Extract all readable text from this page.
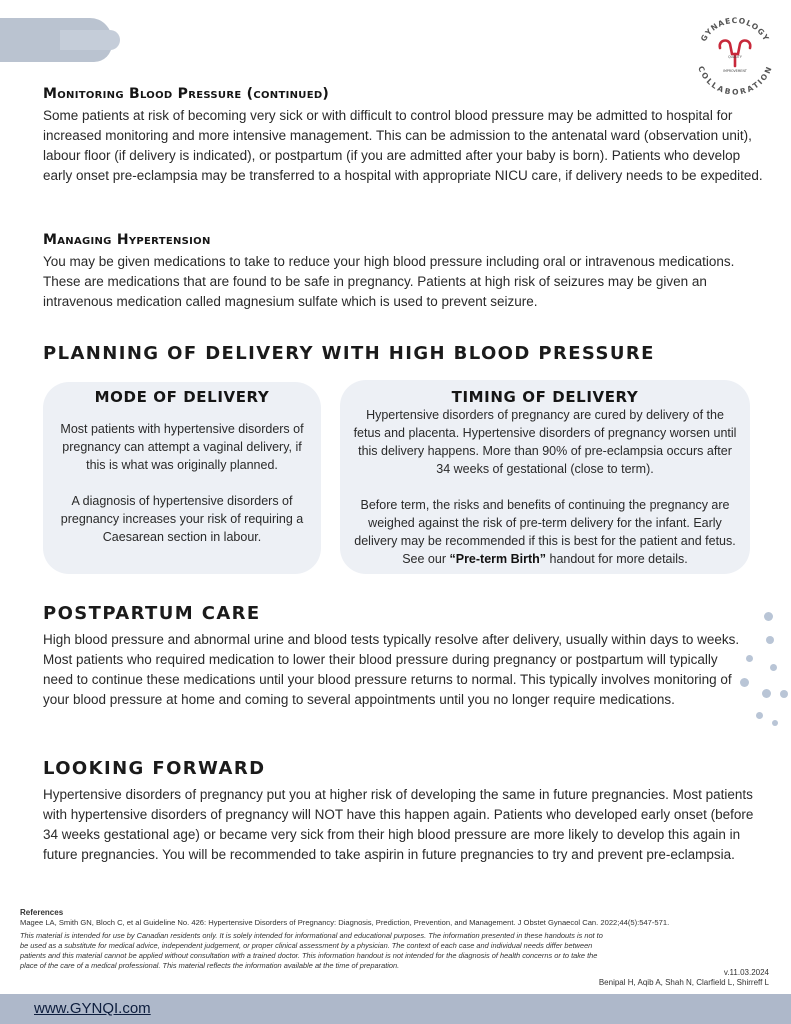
GYNAECOLOGY
COLLABORATION
QUALITY
IMPROVEMENT
Monitoring Blood Pressure (continued)

Some patients at risk of becoming very sick or with difficult to control blood pressure may be admitted to hospital for increased monitoring and more intensive management. This can be admission to the antenatal ward (observation unit), labour floor (if delivery is indicated), or postpartum (if you are admitted after your baby is born). Patients who develop early onset pre-eclampsia may be transferred to a hospital with appropriate NICU care, if delivery needs to be expedited.

Managing Hypertension

You may be given medications to take to reduce your high blood pressure including oral or intravenous medications. These are medications that are found to be safe in pregnancy. Patients at high risk of seizures may be given an intravenous medication called magnesium sulfate which is used to prevent seizure.

PLANNING OF DELIVERY WITH HIGH BLOOD PRESSURE
MODE OF DELIVERY

Most patients with hypertensive disorders of pregnancy can attempt a vaginal delivery, if this is what was originally planned.

A diagnosis of hypertensive disorders of pregnancy increases your risk of requiring a Caesarean section in labour.

TIMING OF DELIVERY

Hypertensive disorders of pregnancy are cured by delivery of the fetus and placenta. Hypertensive disorders of pregnancy worsen until this delivery happens. More than 90% of pre-eclampsia occurs after 34 weeks of gestational (close to term).

Before term, the risks and benefits of continuing the pregnancy are weighed against the risk of pre-term delivery for the infant. Early delivery may be recommended if this is best for the patient and fetus. See our “Pre-term Birth” handout for more details.

POSTPARTUM CARE

High blood pressure and abnormal urine and blood tests typically resolve after delivery, usually within days to weeks. Most patients who required medication to lower their blood pressure during pregnancy or postpartum will typically need to continue these medications until your blood pressure returns to normal. This typically involves monitoring of your blood pressure at home and coming to several appointments until you no longer require medications.

LOOKING FORWARD

Hypertensive disorders of pregnancy put you at higher risk of developing the same in future pregnancies. Most patients with hypertensive disorders of pregnancy will NOT have this happen again. Patients who developed early onset (before 34 weeks gestational age) or became very sick from their high blood pressure are more likely to develop this again in future pregnancies. You will be recommended to take aspirin in future pregnancies to try and prevent pre-eclampsia.

References
Magee LA, Smith GN, Bloch C, et al Guideline No. 426: Hypertensive Disorders of Pregnancy: Diagnosis, Prediction, Prevention, and Management. J Obstet Gynaecol Can. 2022;44(5):547-571.
This material is intended for use by Canadian residents only. It is solely intended for informational and educational purposes. The information presented in these handouts is not to be used as a substitute for medical advice, independent judgement, or proper clinical assessment by a physician. The context of each case and individual needs differ between patients and this material cannot be applied without consultation with a trained doctor. This information handout is not intended for the diagnosis of health concerns or to take the place of the care of a medical professional. This material reflects the information available at the time of preparation.
v.11.03.2024
Benipal H, Aqib A, Shah N, Clarfield L, Shirreff L
www.GYNQI.com
